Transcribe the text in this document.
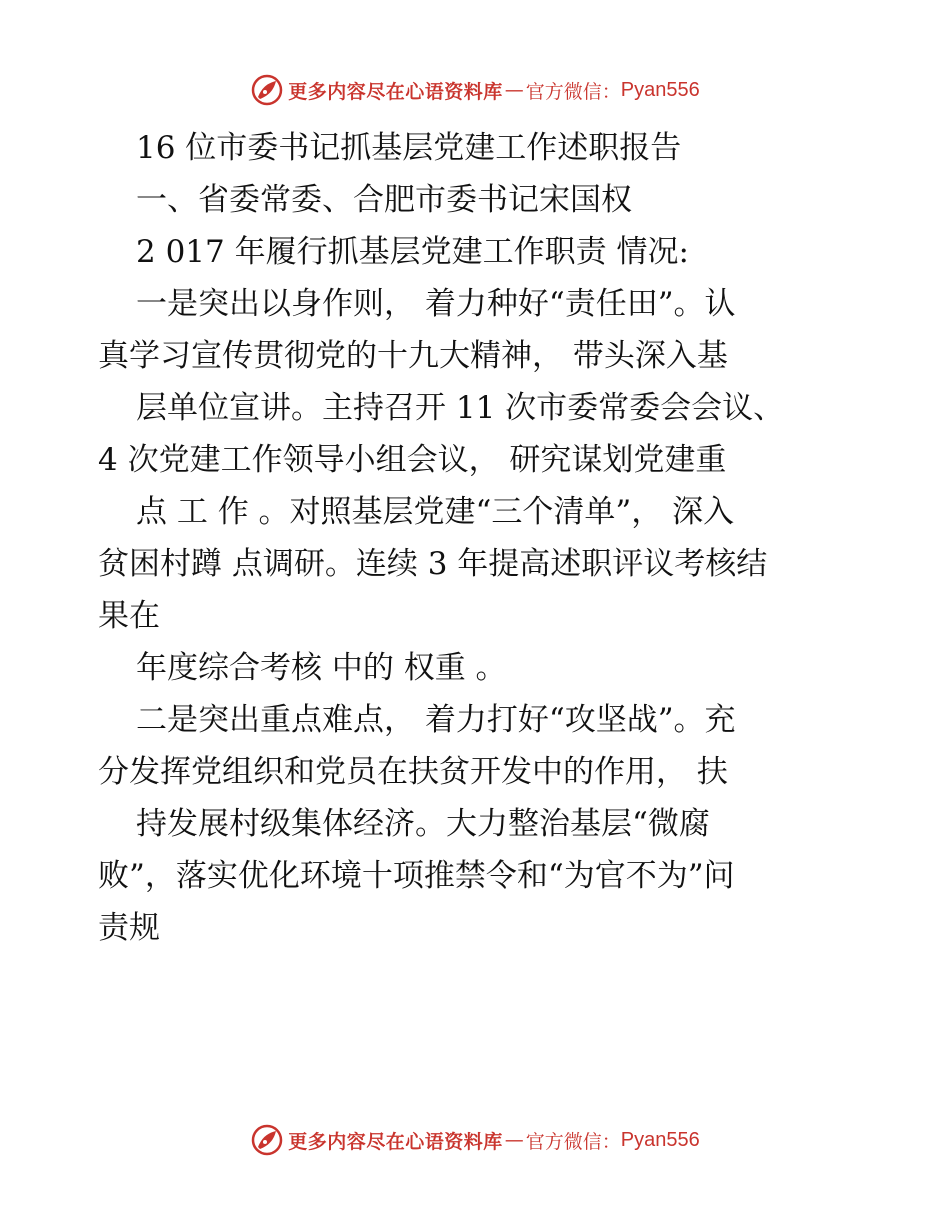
更多内容尽在心语资料库 — 官方微信： Pyan556
16 位市委书记抓基层党建工作述职报告
一、省委常委、合肥市委书记宋国权
2 017 年履行抓基层党建工作职责 情况:
一是突出以身作则， 着力种好“责任田”。认
真学习宣传贯彻党的十九大精神， 带头深入基
层单位宣讲。主持召开 11 次市委常委会会议、
4 次党建工作领导小组会议， 研究谋划党建重
点 工 作 。对照基层党建“三个清单”， 深入
贫困村蹲 点调研。连续 3 年提高述职评议考核结
果在
年度综合考核 中的 权重 。
二是突出重点难点， 着力打好“攻坚战”。充
分发挥党组织和党员在扶贫开发中的作用， 扶
持发展村级集体经济。大力整治基层“微腐
败”，落实优化环境十项推禁令和“为官不为”问
责规
更多内容尽在心语资料库 — 官方微信： Pyan556
